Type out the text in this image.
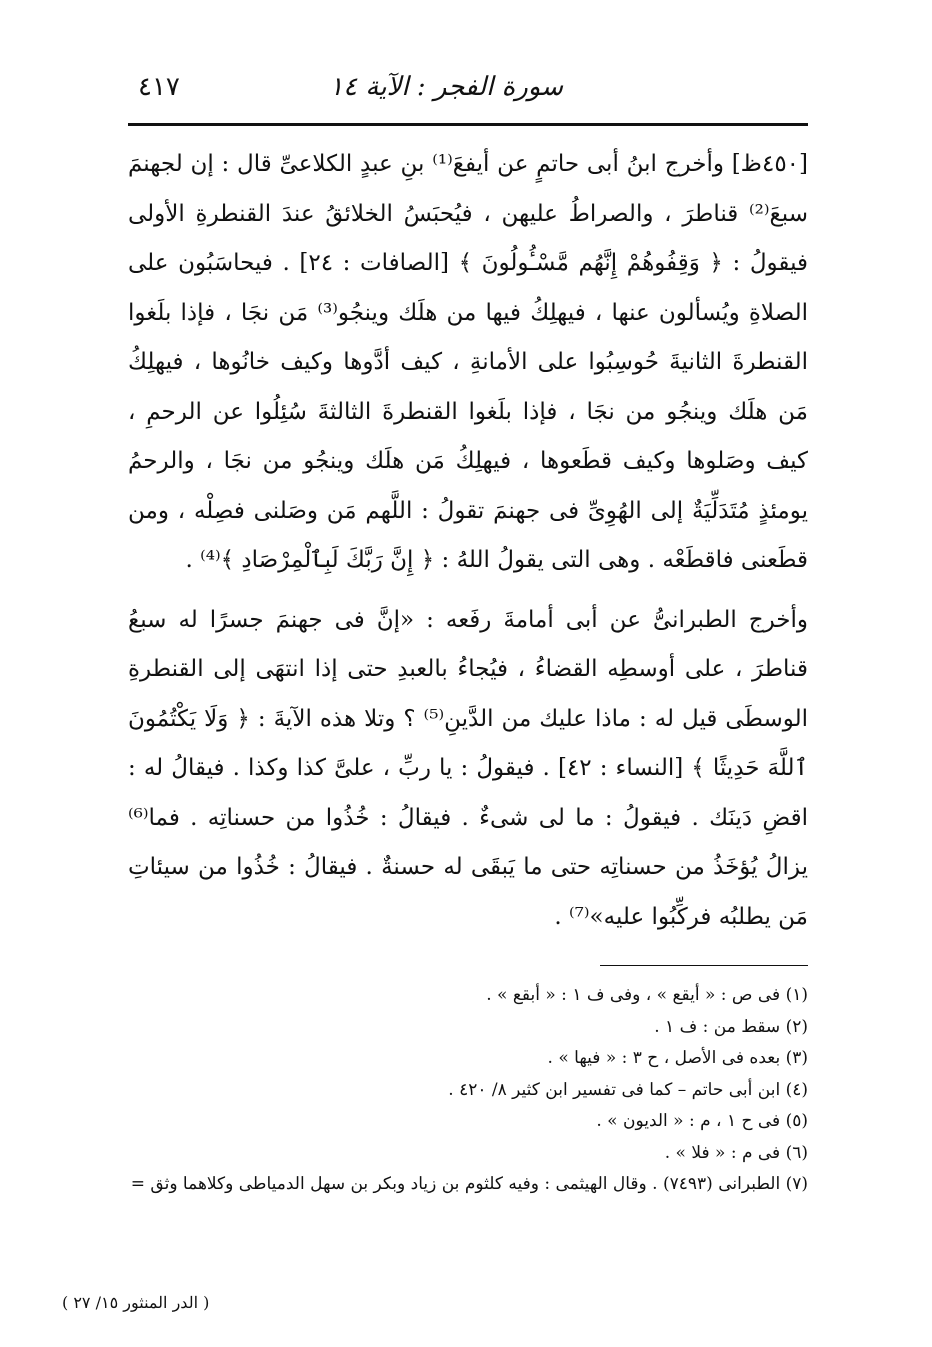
سورة الفجر : الآية ١٤
٤١٧

[٤٥٠ظ] وأخرج ابنُ أبى حاتمٍ عن أيفعَ⁽¹⁾ بنِ عبدٍ الكلاعىِّ قال : إن لجهنمَ سبعَ⁽²⁾ قناطرَ ، والصراطُ عليهن ، فيُحبَسُ الخلائقُ عندَ القنطرةِ الأولى فيقولُ : ﴿ وَقِفُوهُمْ إِنَّهُم مَّسْـُٔولُونَ ﴾ [الصافات : ٢٤] . فيحاسَبُون على الصلاةِ ويُسألون عنها ، فيهلِكُ فيها من هلَك وينجُو⁽³⁾ مَن نجَا ، فإذا بلَغوا القنطرةَ الثانيةَ حُوسِبُوا على الأمانةِ ، كيف أدَّوها وكيف خانُوها ، فيهلِكُ مَن هلَك وينجُو من نجَا ، فإذا بلَغوا القنطرةَ الثالثةَ سُئِلُوا عن الرحمِ ، كيف وصَلوها وكيف قطَعوها ، فيهلِكُ مَن هلَك وينجُو من نجَا ، والرحمُ يومئذٍ مُتَدَلِّيَةٌ إلى الهُوِىِّ فى جهنمَ تقولُ : اللَّهم مَن وصَلنى فصِلْه ، ومن قطَعنى فاقطَعْه . وهى التى يقولُ اللهُ : ﴿ إِنَّ رَبَّكَ لَبِٱلْمِرْصَادِ ﴾⁽⁴⁾ .

وأخرج الطبرانىُّ عن أبى أمامةَ رفَعه : «إنَّ فى جهنمَ جسرًا له سبعُ قناطرَ ، على أوسطِه القضاءُ ، فيُجاءُ بالعبدِ حتى إذا انتهَى إلى القنطرةِ الوسطَى قيل له : ماذا عليك من الدَّينِ⁽⁵⁾ ؟ وتلا هذه الآيةَ : ﴿ وَلَا يَكْتُمُونَ ٱللَّهَ حَدِيثًا ﴾ [النساء : ٤٢] . فيقولُ : يا ربِّ ، علىَّ كذا وكذا . فيقالُ له : اقضِ دَينَك . فيقولُ : ما لى شىءٌ . فيقالُ : خُذُوا من حسناتِه . فما⁽⁶⁾ يزالُ يُؤخَذُ من حسناتِه حتى ما يَبقَى له حسنةٌ . فيقالُ : خُذُوا من سيئاتِ مَن يطلبُه فركِّبُوا عليه»⁽⁷⁾ .

(١) فى ص : « أيقع » ، وفى ف ١ : « أبقع » .

(٢) سقط من : ف ١ .

(٣) بعده فى الأصل ، ح ٣ : « فيها » .

(٤) ابن أبى حاتم – كما فى تفسير ابن كثير ٨/ ٤٢٠ .

(٥) فى ح ١ ، م : « الديون » .

(٦) فى م : « فلا » .

(٧) الطبرانى (٧٤٩٣) . وقال الهيثمى : وفيه كلثوم بن زياد وبكر بن سهل الدمياطى وكلاهما وثق =

( الدر المنثور ١٥/ ٢٧ )
